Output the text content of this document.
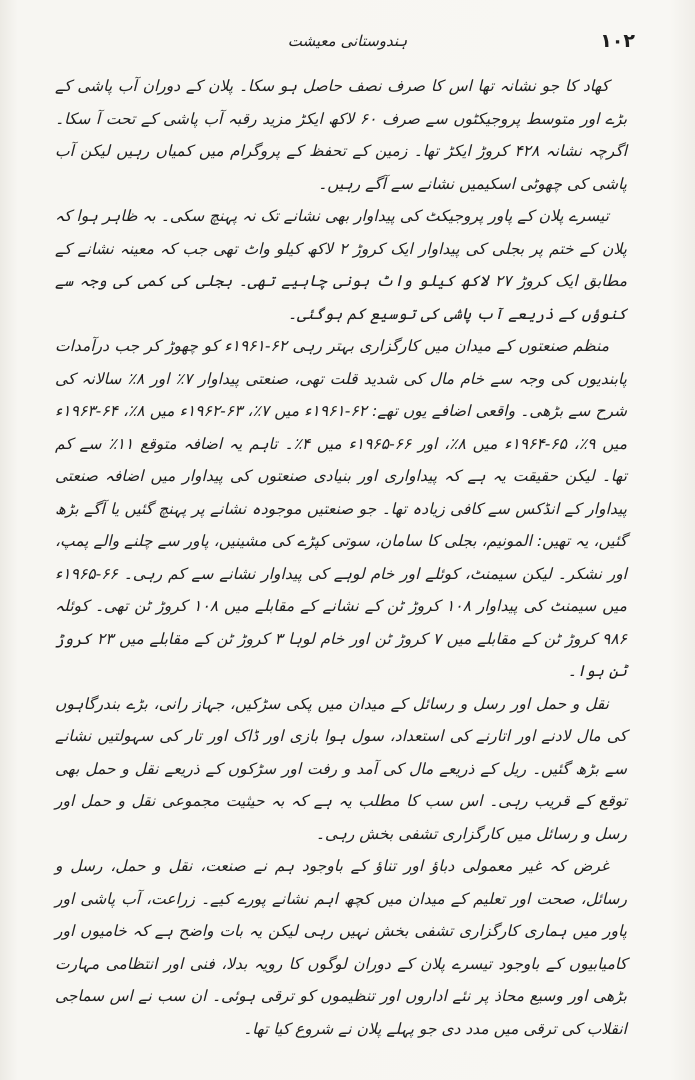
۱۰۲
ہندوستانی معیشت

کھاد کا جو نشانہ تھا اس کا صرف نصف حاصل ہو سکا۔ پلان کے دوران آب پاشی کے بڑے اور متوسط پروجیکٹوں سے صرف ۶۰ لاکھ ایکڑ مزید رقبہ آب پاشی کے تحت آ سکا۔ اگرچہ نشانہ ۴۲۸ کروڑ ایکڑ تھا۔ زمین کے تحفظ کے پروگرام میں کمیاں رہیں لیکن آب پاشی کی چھوٹی اسکیمیں نشانے سے آگے رہیں۔

تیسرے پلان کے پاور پروجیکٹ کی پیداوار بھی نشانے تک نہ پہنچ سکی۔ بہ ظاہر ہوا کہ پلان کے ختم پر بجلی کی پیداوار ایک کروڑ ۲ لاکھ کیلو واٹ تھی جب کہ معینہ نشانے کے مطابق ایک کروڑ ۲۷ لاکھ کیلو واٹ ہونی چاہیے تھی۔ بجلی کی کمی کی وجہ سے کنوؤں کے ذریعے آب پاشی کی توسیع کم ہوگئی۔

منظم صنعتوں کے میدان میں کارگزاری بہتر رہی ۶۲-۱۹۶۱ء کو چھوڑ کر جب درآمدات پابندیوں کی وجہ سے خام مال کی شدید قلت تھی، صنعتی پیداوار ۷٪ اور ۸٪ سالانہ کی شرح سے بڑھی۔ واقعی اضافے یوں تھے: ۶۲-۱۹۶۱ء میں ۷٪، ۶۳-۱۹۶۲ء میں ۸٪، ۶۴-۱۹۶۳ء میں ۹٪، ۶۵-۱۹۶۴ء میں ۸٪، اور ۶۶-۱۹۶۵ء میں ۴٪۔ تاہم یہ اضافہ متوقع ۱۱٪ سے کم تھا۔ لیکن حقیقت یہ ہے کہ پیداواری اور بنیادی صنعتوں کی پیداوار میں اضافہ صنعتی پیداوار کے انڈکس سے کافی زیادہ تھا۔ جو صنعتیں موجودہ نشانے پر پہنچ گئیں یا آگے بڑھ گئیں، یہ تھیں: المونیم، بجلی کا سامان، سوتی کپڑے کی مشینیں، پاور سے چلنے والے پمپ، اور نشکر۔ لیکن سیمنٹ، کوئلے اور خام لوہے کی پیداوار نشانے سے کم رہی۔ ۶۶-۱۹۶۵ء میں سیمنٹ کی پیداوار ۱۰۸ کروڑ ٹن کے نشانے کے مقابلے میں ۱۰۸ کروڑ ٹن تھی۔ کوئلہ ۹۸۶ کروڑ ٹن کے مقابلے میں ۷ کروڑ ٹن اور خام لوہا ۳ کروڑ ٹن کے مقابلے میں ۲۳ کروڑ ٹن ہوا۔

نقل و حمل اور رسل و رسائل کے میدان میں پکی سڑکیں، جہاز رانی، بڑے بندرگاہوں کی مال لادنے اور اتارنے کی استعداد، سول ہوا بازی اور ڈاک اور تار کی سہولتیں نشانے سے بڑھ گئیں۔ ریل کے ذریعے مال کی آمد و رفت اور سڑکوں کے ذریعے نقل و حمل بھی توقع کے قریب رہی۔ اس سب کا مطلب یہ ہے کہ بہ حیثیت مجموعی نقل و حمل اور رسل و رسائل میں کارگزاری تشفی بخش رہی۔

غرض کہ غیر معمولی دباؤ اور تناؤ کے باوجود ہم نے صنعت، نقل و حمل، رسل و رسائل، صحت اور تعلیم کے میدان میں کچھ اہم نشانے پورے کیے۔ زراعت، آب پاشی اور پاور میں ہماری کارگزاری تشفی بخش نہیں رہی لیکن یہ بات واضح ہے کہ خامیوں اور کامیابیوں کے باوجود تیسرے پلان کے دوران لوگوں کا رویہ بدلا، فنی اور انتظامی مہارت بڑھی اور وسیع محاذ پر نئے اداروں اور تنظیموں کو ترقی ہوئی۔ ان سب نے اس سماجی انقلاب کی ترقی میں مدد دی جو پہلے پلان نے شروع کیا تھا۔
